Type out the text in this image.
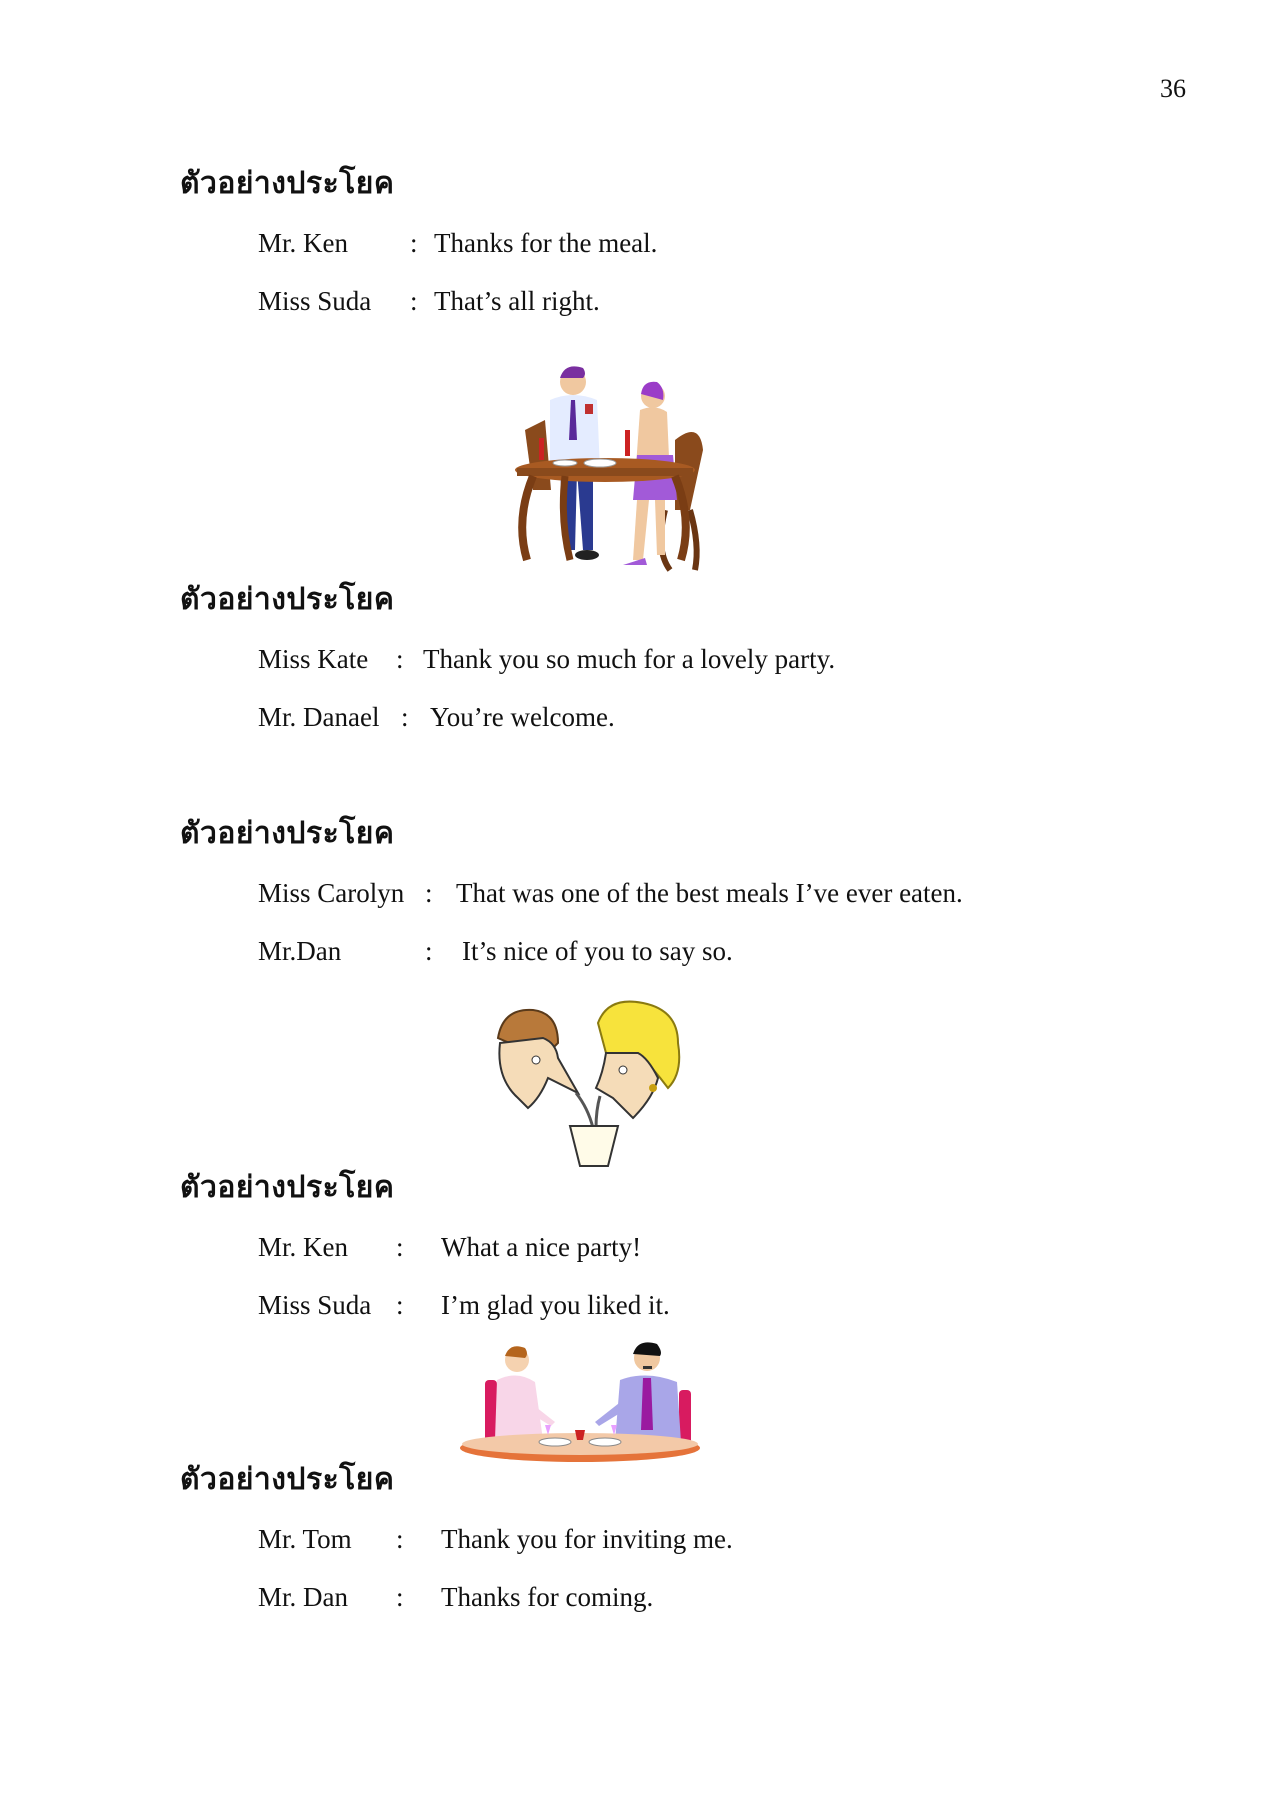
36
ตัวอย่างประโยค
Mr. Ken : Thanks for the meal.
Miss Suda : That’s all right.
ตัวอย่างประโยค
Miss Kate : Thank you so much for a lovely party.
Mr. Danael : You’re welcome.
ตัวอย่างประโยค
Miss Carolyn : That was one of the best meals I’ve ever eaten.
Mr.Dan	: It’s nice of you to say so.
ตัวอย่างประโยค
Mr. Ken : What a nice party!
Miss Suda : I’m glad you liked it.
ตัวอย่างประโยค
Mr. Tom : Thank you for inviting me.
Mr. Dan : Thanks for coming.
